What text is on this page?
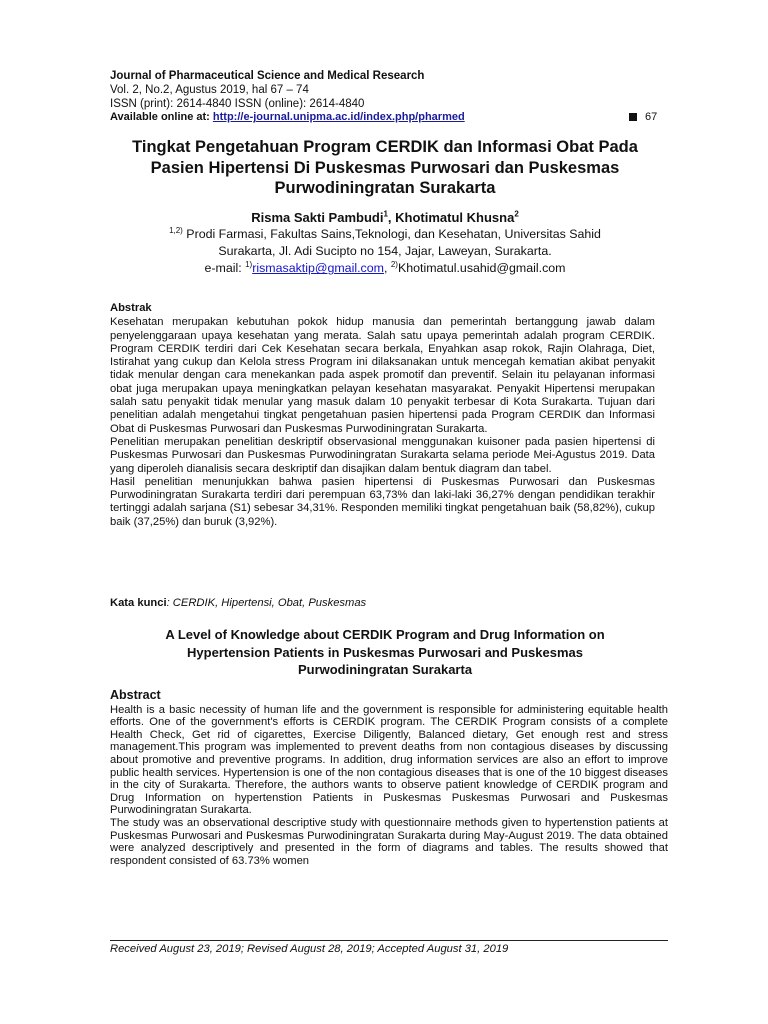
Journal of Pharmaceutical Science and Medical Research
Vol. 2, No.2, Agustus 2019, hal 67 – 74
ISSN (print): 2614-4840 ISSN (online): 2614-4840
Available online at: http://e-journal.unipma.ac.id/index.php/pharmed	67
Tingkat Pengetahuan Program CERDIK dan Informasi Obat Pada
Pasien Hipertensi Di Puskesmas Purwosari dan Puskesmas
Purwodiningratan Surakarta
Risma Sakti Pambudi$^1$, Khotimatul Khusna$^2$
$^{1,2)}$ Prodi Farmasi, Fakultas Sains,Teknologi, dan Kesehatan, Universitas Sahid
Surakarta, Jl. Adi Sucipto no 154, Jajar, Laweyan, Surakarta.
e-mail: $^{1)}$rismasaktip@gmail.com, $^{2)}$Khotimatul.usahid@gmail.com
Abstrak

Kesehatan merupakan kebutuhan pokok hidup manusia dan pemerintah bertanggung jawab dalam penyelenggaraan upaya kesehatan yang merata. Salah satu upaya pemerintah adalah program CERDIK. Program CERDIK terdiri dari Cek Kesehatan secara berkala, Enyahkan asap rokok, Rajin Olahraga, Diet, Istirahat yang cukup dan Kelola stress Program ini dilaksanakan untuk mencegah kematian akibat penyakit tidak menular dengan cara menekankan pada aspek promotif dan preventif. Selain itu pelayanan informasi obat juga merupakan upaya meningkatkan pelayan kesehatan masyarakat. Penyakit Hipertensi merupakan salah satu penyakit tidak menular yang masuk dalam 10 penyakit terbesar di Kota Surakarta. Tujuan dari penelitian adalah mengetahui tingkat pengetahuan pasien hipertensi pada Program CERDIK dan Informasi Obat di Puskesmas Purwosari dan Puskesmas Purwodiningratan Surakarta.

Penelitian merupakan penelitian deskriptif observasional menggunakan kuisoner pada pasien hipertensi di Puskesmas Purwosari dan Puskesmas Purwodiningratan Surakarta selama periode Mei-Agustus 2019. Data yang diperoleh dianalisis secara deskriptif dan disajikan dalam bentuk diagram dan tabel.

Hasil penelitian menunjukkan bahwa pasien hipertensi di Puskesmas Purwosari dan Puskesmas Purwodiningratan Surakarta terdiri dari perempuan 63,73% dan laki-laki 36,27% dengan pendidikan terakhir tertinggi adalah sarjana (S1) sebesar 34,31%. Responden memiliki tingkat pengetahuan baik (58,82%), cukup baik (37,25%) dan buruk (3,92%).

Kata kunci: CERDIK, Hipertensi, Obat, Puskesmas
A Level of Knowledge about CERDIK Program and Drug Information on
Hypertension Patients in Puskesmas Purwosari and Puskesmas
Purwodiningratan Surakarta
Abstract

Health is a basic necessity of human life and the government is responsible for administering equitable health efforts. One of the government's efforts is CERDIK program. The CERDIK Program consists of a complete Health Check, Get rid of cigarettes, Exercise Diligently, Balanced dietary, Get enough rest and stress management.This program was implemented to prevent deaths from non contagious diseases by discussing about promotive and preventive programs. In addition, drug information services are also an effort to improve public health services. Hypertension is one of the non contagious diseases that is one of the 10 biggest diseases in the city of Surakarta. Therefore, the authors wants to observe patient knowledge of CERDIK program and Drug Information on hypertenstion Patients in Puskesmas Puskesmas Purwosari and Puskesmas Purwodiningratan Surakarta.

The study was an observational descriptive study with questionnaire methods given to hypertenstion patients at Puskesmas Purwosari and Puskesmas Purwodiningratan Surakarta during May-August 2019. The data obtained were analyzed descriptively and presented in the form of diagrams and tables. The results showed that respondent consisted of 63.73% women

Received August 23, 2019; Revised August 28, 2019; Accepted August 31, 2019
